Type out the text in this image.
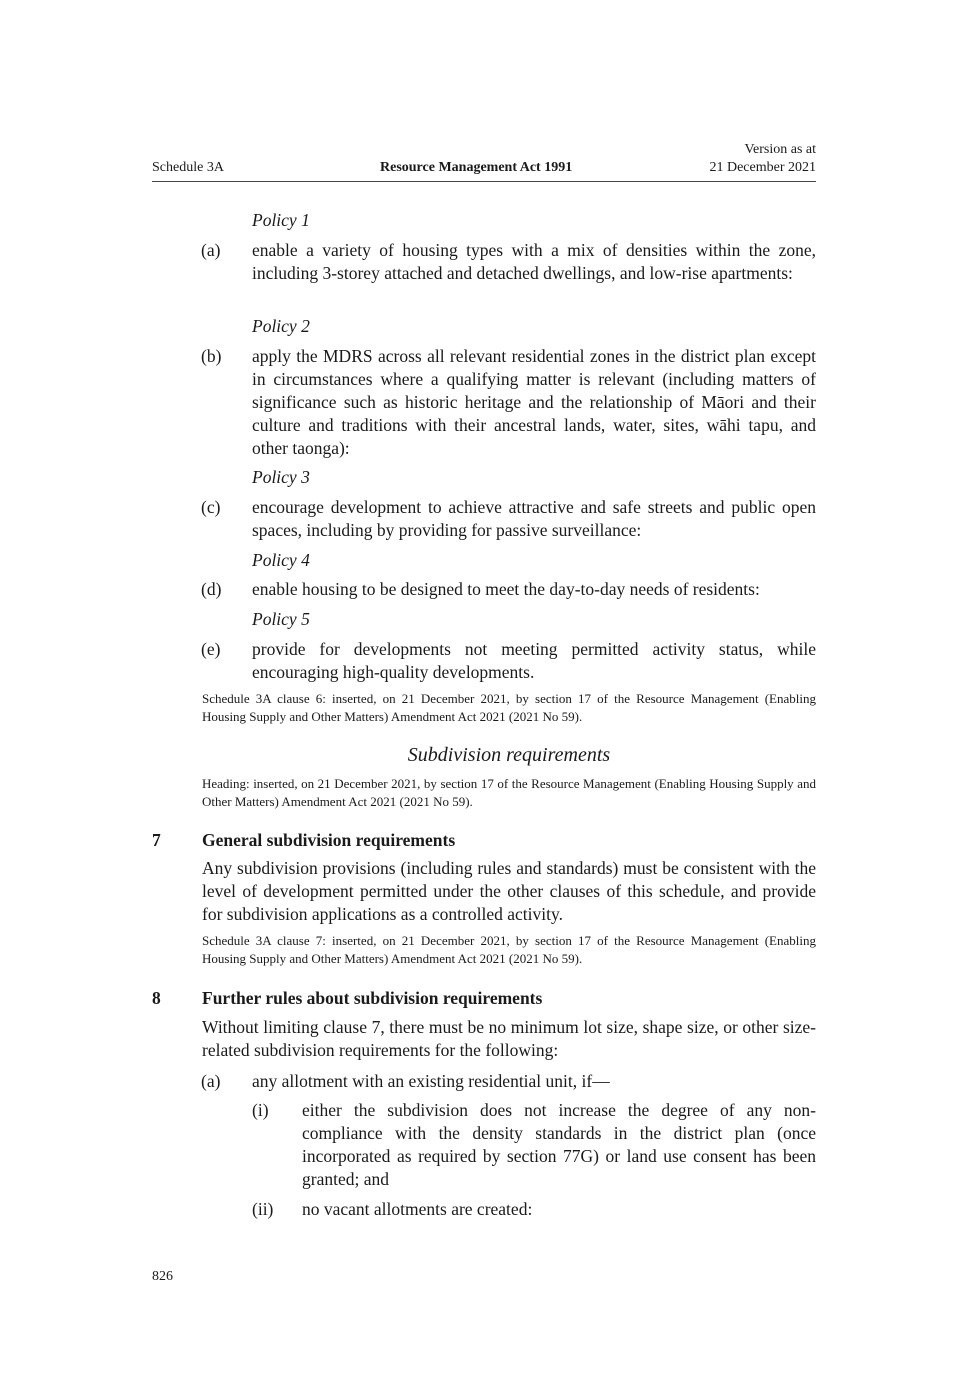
Schedule 3A	Resource Management Act 1991
Version as at
21 December 2021
Policy 1
(a) enable a variety of housing types with a mix of densities within the zone, including 3-storey attached and detached dwellings, and low-rise apartments:

Policy 2
(b) apply the MDRS across all relevant residential zones in the district plan except in circumstances where a qualifying matter is relevant (including matters of significance such as historic heritage and the relationship of Māori and their culture and traditions with their ancestral lands, water, sites, wāhi tapu, and other taonga):

Policy 3
(c) encourage development to achieve attractive and safe streets and public open spaces, including by providing for passive surveillance:

Policy 4
(d) enable housing to be designed to meet the day-to-day needs of residents:

Policy 5
(e) provide for developments not meeting permitted activity status, while encouraging high-quality developments.

Schedule 3A clause 6: inserted, on 21 December 2021, by section 17 of the Resource Management (Enabling Housing Supply and Other Matters) Amendment Act 2021 (2021 No 59).

Subdivision requirements

Heading: inserted, on 21 December 2021, by section 17 of the Resource Management (Enabling Housing Supply and Other Matters) Amendment Act 2021 (2021 No 59).

7 General subdivision requirements

Any subdivision provisions (including rules and standards) must be consistent with the level of development permitted under the other clauses of this schedule, and provide for subdivision applications as a controlled activity.

Schedule 3A clause 7: inserted, on 21 December 2021, by section 17 of the Resource Management (Enabling Housing Supply and Other Matters) Amendment Act 2021 (2021 No 59).

8 Further rules about subdivision requirements

Without limiting clause 7, there must be no minimum lot size, shape size, or other size-related subdivision requirements for the following:

(a) any allotment with an existing residential unit, if—

(i) either the subdivision does not increase the degree of any non-compliance with the density standards in the district plan (once incorporated as required by section 77G) or land use consent has been granted; and

(ii) no vacant allotments are created:

826
